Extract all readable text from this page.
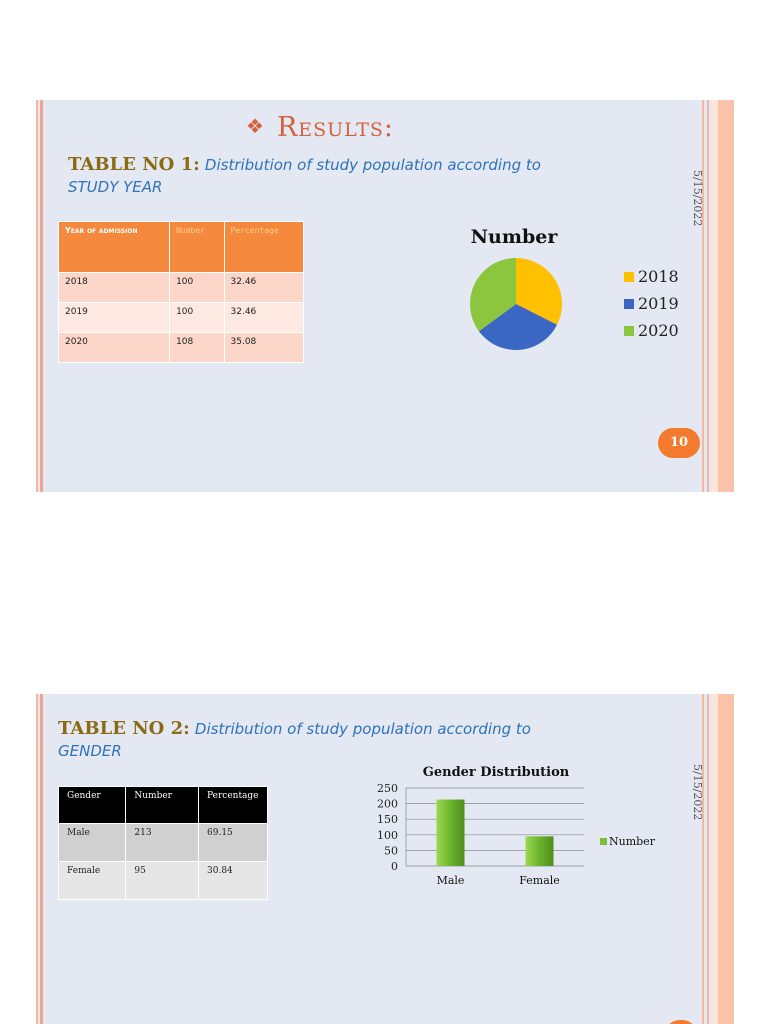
❖ Results:
TABLE NO 1: Distribution of study population according to
STUDY YEAR	5/15/2022
Year of admission	Number	Percentage
2018	100	32.46
2019	100	32.46
2020	108	35.08
Number
2018
2019
2020
10
TABLE NO 2: Distribution of study population according to
GENDER
5/15/2022
Gender	Number	Percentage
Male	213	69.15
Female	95	30.84
Gender Distribution
250
200
150
100
50
0
Male	Female
Number
